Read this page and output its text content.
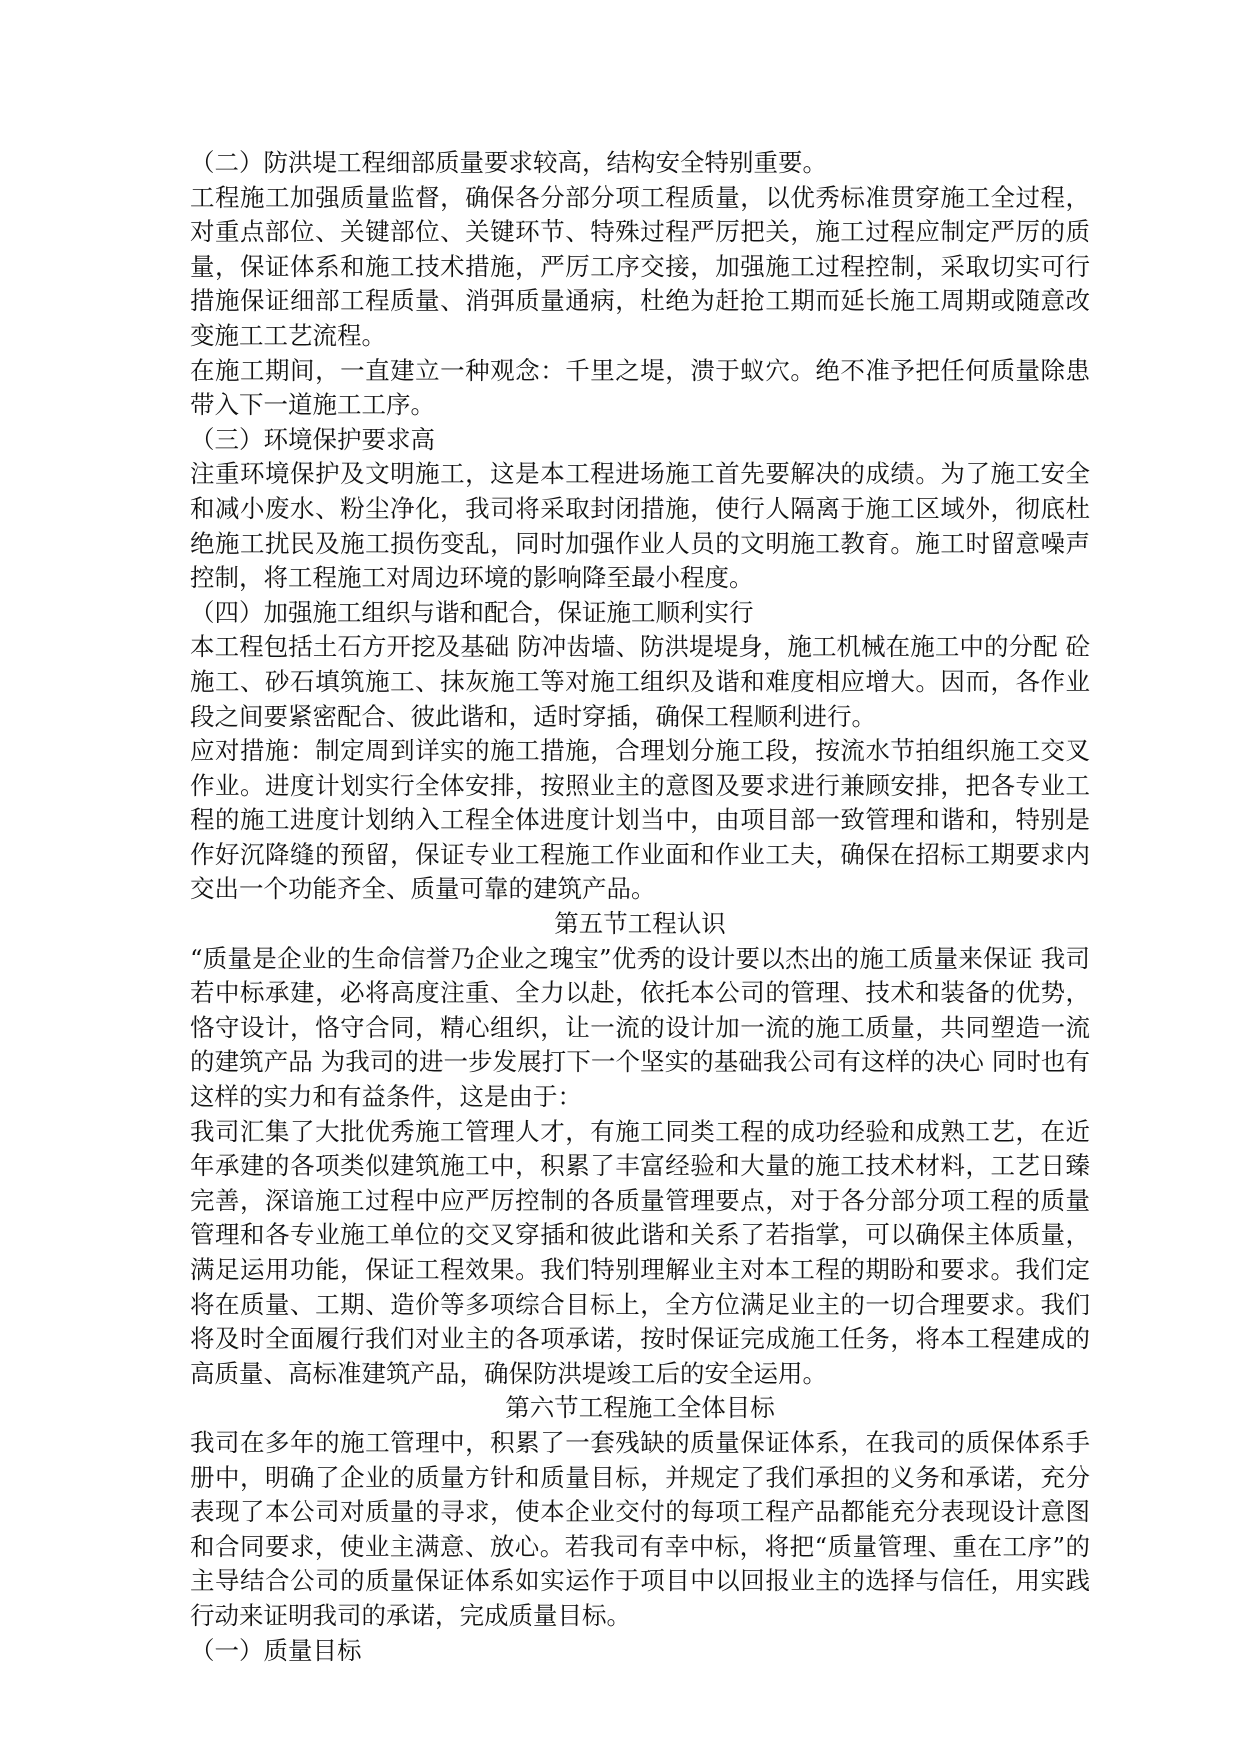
（二）防洪堤工程细部质量要求较高，结构安全特别重要。

工程施工加强质量监督，确保各分部分项工程质量，以优秀标准贯穿施工全过程，对重点部位、关键部位、关键环节、特殊过程严厉把关，施工过程应制定严厉的质量，保证体系和施工技术措施，严厉工序交接，加强施工过程控制，采取切实可行措施保证细部工程质量、消弭质量通病，杜绝为赶抢工期而延长施工周期或随意改变施工工艺流程。

在施工期间，一直建立一种观念：千里之堤，溃于蚁穴。绝不准予把任何质量除患带入下一道施工工序。

（三）环境保护要求高

注重环境保护及文明施工，这是本工程进场施工首先要解决的成绩。为了施工安全和减小废水、粉尘净化，我司将采取封闭措施，使行人隔离于施工区域外，彻底杜绝施工扰民及施工损伤变乱，同时加强作业人员的文明施工教育。施工时留意噪声控制，将工程施工对周边环境的影响降至最小程度。

（四）加强施工组织与谐和配合，保证施工顺利实行

本工程包括土石方开挖及基础 防冲齿墙、防洪堤堤身，施工机械在施工中的分配 砼施工、砂石填筑施工、抹灰施工等对施工组织及谐和难度相应增大。因而，各作业段之间要紧密配合、彼此谐和，适时穿插，确保工程顺利进行。

应对措施：制定周到详实的施工措施，合理划分施工段，按流水节拍组织施工交叉作业。进度计划实行全体安排，按照业主的意图及要求进行兼顾安排，把各专业工程的施工进度计划纳入工程全体进度计划当中，由项目部一致管理和谐和，特别是作好沉降缝的预留，保证专业工程施工作业面和作业工夫，确保在招标工期要求内交出一个功能齐全、质量可靠的建筑产品。

第五节工程认识

“质量是企业的生命信誉乃企业之瑰宝”优秀的设计要以杰出的施工质量来保证 我司若中标承建，必将高度注重、全力以赴，依托本公司的管理、技术和装备的优势，恪守设计，恪守合同，精心组织，让一流的设计加一流的施工质量，共同塑造一流的建筑产品 为我司的进一步发展打下一个坚实的基础我公司有这样的决心 同时也有这样的实力和有益条件，这是由于：

我司汇集了大批优秀施工管理人才，有施工同类工程的成功经验和成熟工艺，在近年承建的各项类似建筑施工中，积累了丰富经验和大量的施工技术材料，工艺日臻完善，深谙施工过程中应严厉控制的各质量管理要点，对于各分部分项工程的质量管理和各专业施工单位的交叉穿插和彼此谐和关系了若指掌，可以确保主体质量，满足运用功能，保证工程效果。我们特别理解业主对本工程的期盼和要求。我们定将在质量、工期、造价等多项综合目标上，全方位满足业主的一切合理要求。我们将及时全面履行我们对业主的各项承诺，按时保证完成施工任务，将本工程建成的高质量、高标准建筑产品，确保防洪堤竣工后的安全运用。

第六节工程施工全体目标

我司在多年的施工管理中，积累了一套残缺的质量保证体系，在我司的质保体系手册中，明确了企业的质量方针和质量目标，并规定了我们承担的义务和承诺，充分表现了本公司对质量的寻求，使本企业交付的每项工程产品都能充分表现设计意图和合同要求，使业主满意、放心。若我司有幸中标，将把“质量管理、重在工序”的主导结合公司的质量保证体系如实运作于项目中以回报业主的选择与信任，用实践行动来证明我司的承诺，完成质量目标。

（一）质量目标
